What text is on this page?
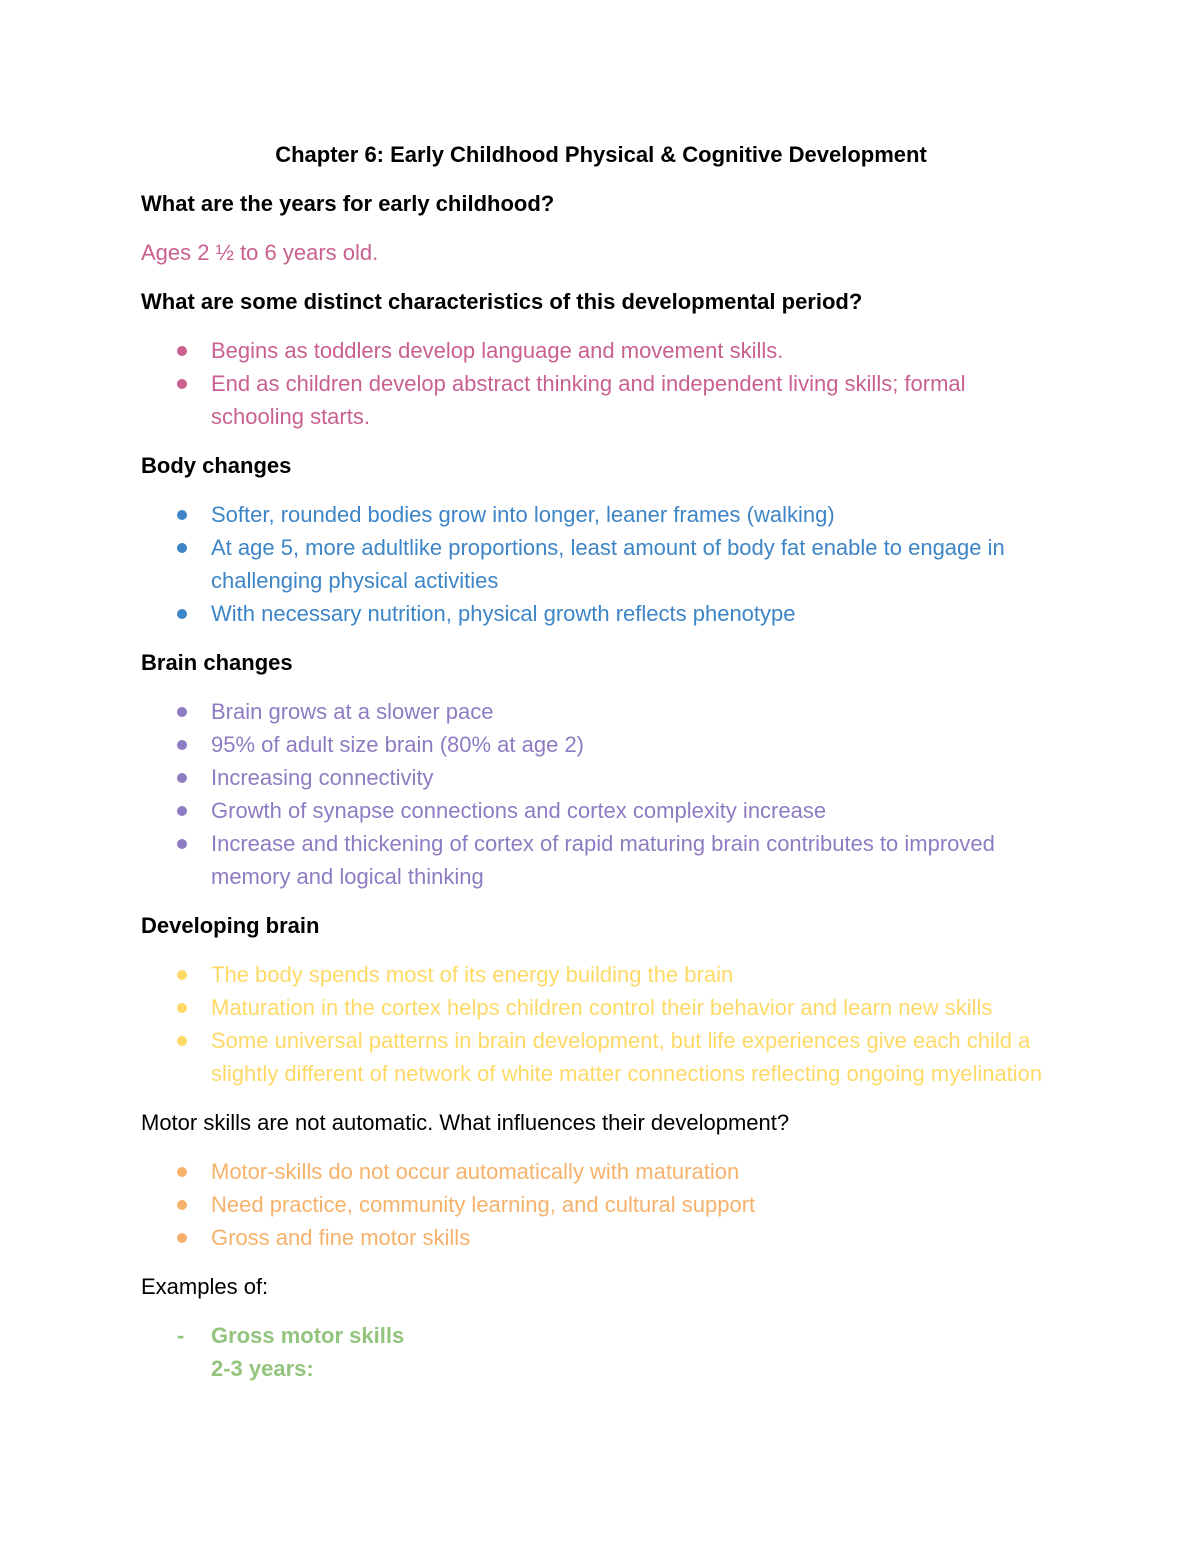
Chapter 6: Early Childhood Physical & Cognitive Development

What are the years for early childhood?

Ages 2 ½ to 6 years old.

What are some distinct characteristics of this developmental period?

Begins as toddlers develop language and movement skills.
End as children develop abstract thinking and independent living skills; formal schooling starts.

Body changes

Softer, rounded bodies grow into longer, leaner frames (walking)
At age 5, more adultlike proportions, least amount of body fat enable to engage in challenging physical activities
With necessary nutrition, physical growth reflects phenotype

Brain changes

Brain grows at a slower pace
95% of adult size brain (80% at age 2)
Increasing connectivity
Growth of synapse connections and cortex complexity increase
Increase and thickening of cortex of rapid maturing brain contributes to improved memory and logical thinking

Developing brain

The body spends most of its energy building the brain
Maturation in the cortex helps children control their behavior and learn new skills
Some universal patterns in brain development, but life experiences give each child a slightly different of network of white matter connections reflecting ongoing myelination

Motor skills are not automatic. What influences their development?

Motor-skills do not occur automatically with maturation
Need practice, community learning, and cultural support
Gross and fine motor skills

Examples of:

- Gross motor skills
2-3 years:
